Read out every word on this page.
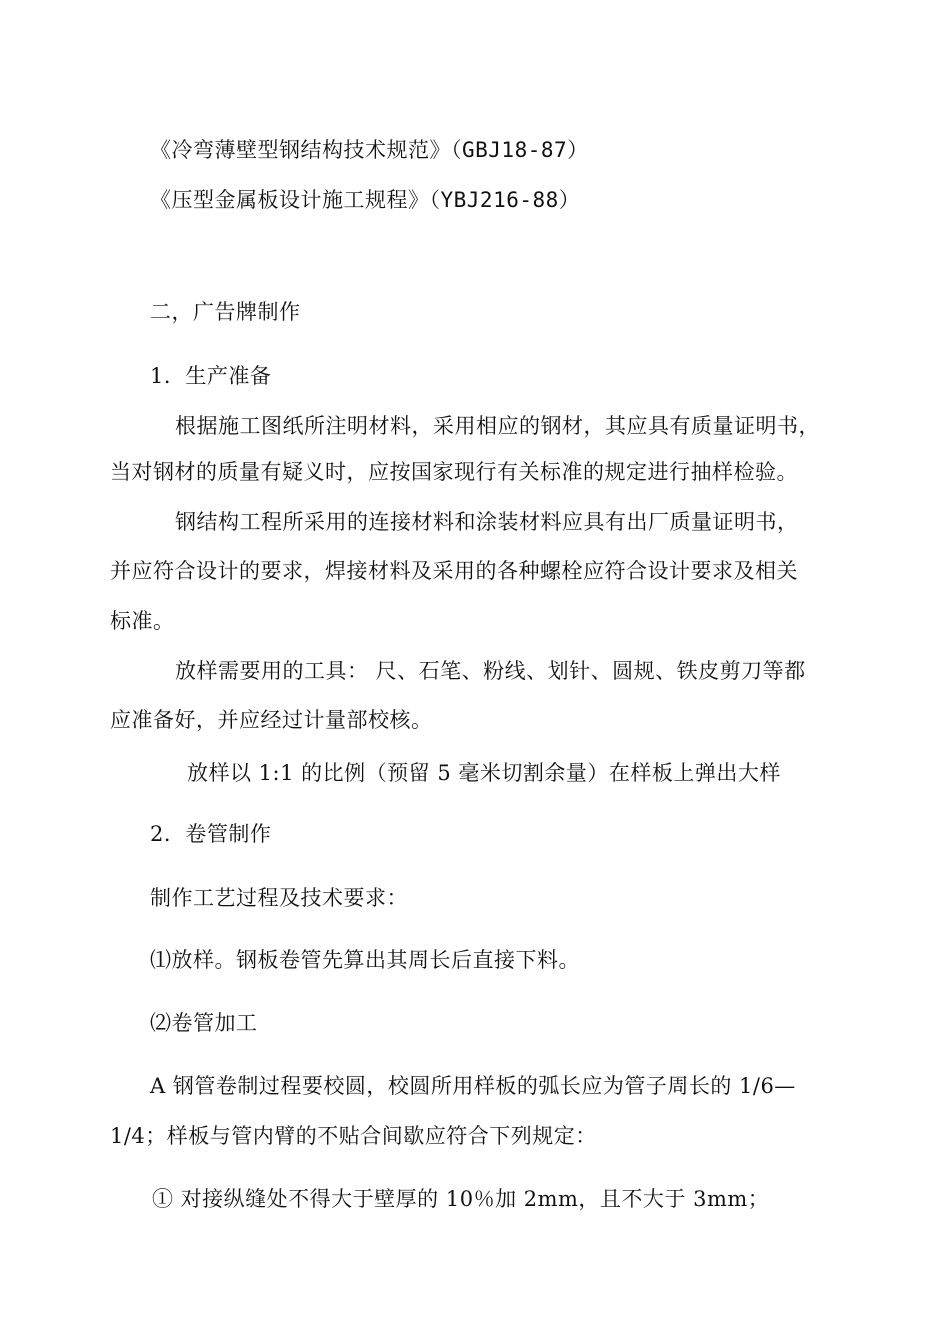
《冷弯薄壁型钢结构技术规范》（GBJ18-87）
《压型金属板设计施工规程》（YBJ216-88）
二，广告牌制作
1．生产准备
根据施工图纸所注明材料，采用相应的钢材，其应具有质量证明书，
当对钢材的质量有疑义时，应按国家现行有关标准的规定进行抽样检验。
钢结构工程所采用的连接材料和涂装材料应具有出厂质量证明书，
并应符合设计的要求，焊接材料及采用的各种螺栓应符合设计要求及相关
标准。
放样需要用的工具： 尺、石笔、粉线、划针、圆规、铁皮剪刀等都
应准备好，并应经过计量部校核。
放样以 1:1 的比例（预留 5 毫米切割余量）在样板上弹出大样
2．卷管制作
制作工艺过程及技术要求：
⑴放样。钢板卷管先算出其周长后直接下料。
⑵卷管加工
A 钢管卷制过程要校圆，校圆所用样板的弧长应为管子周长的 1/6—
1/4；样板与管内臂的不贴合间歇应符合下列规定：
① 对接纵缝处不得大于壁厚的 10％加 2mm，且不大于 3mm；
